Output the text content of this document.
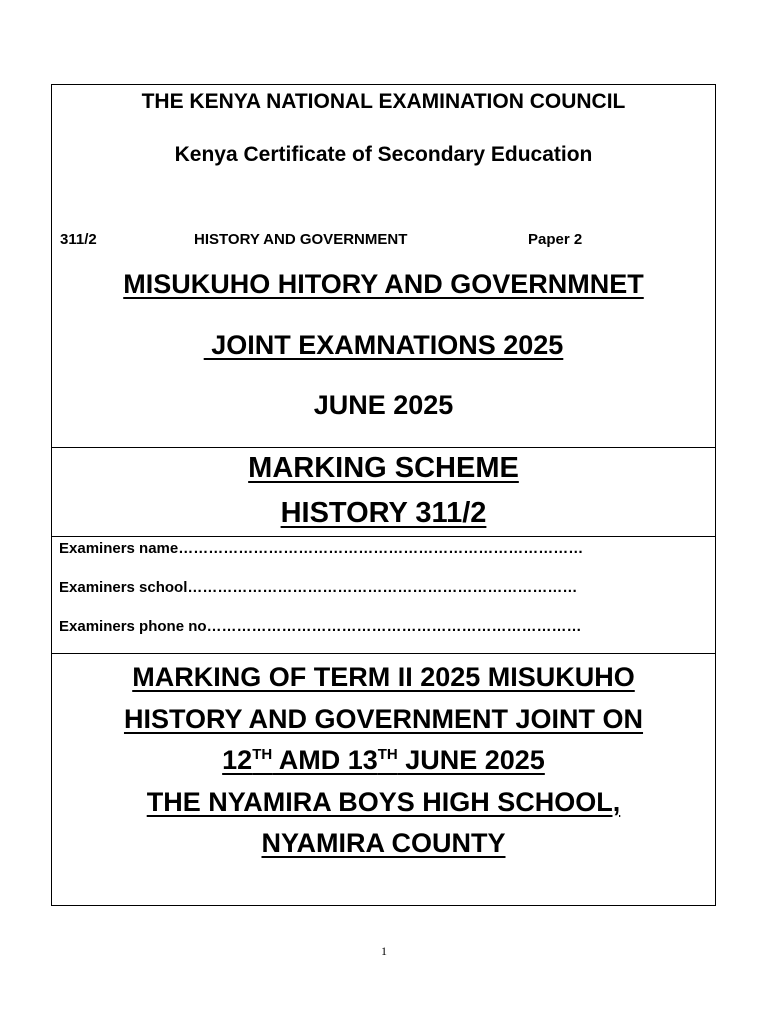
THE KENYA NATIONAL EXAMINATION COUNCIL
Kenya Certificate of Secondary Education
311/2	HISTORY AND GOVERNMENT	Paper 2
MISUKUHO HITORY AND GOVERNMNET
JOINT EXAMNATIONS 2025
JUNE 2025
MARKING SCHEME
HISTORY 311/2
Examiners name………………………………………………………………………
Examiners school……………………………………………………………………
Examiners phone no…………………………………………………………………
MARKING OF TERM II 2025 MISUKUHO
HISTORY AND GOVERNMENT JOINT ON
12TH AMD 13TH JUNE 2025
THE NYAMIRA BOYS HIGH SCHOOL,
NYAMIRA COUNTY
1
